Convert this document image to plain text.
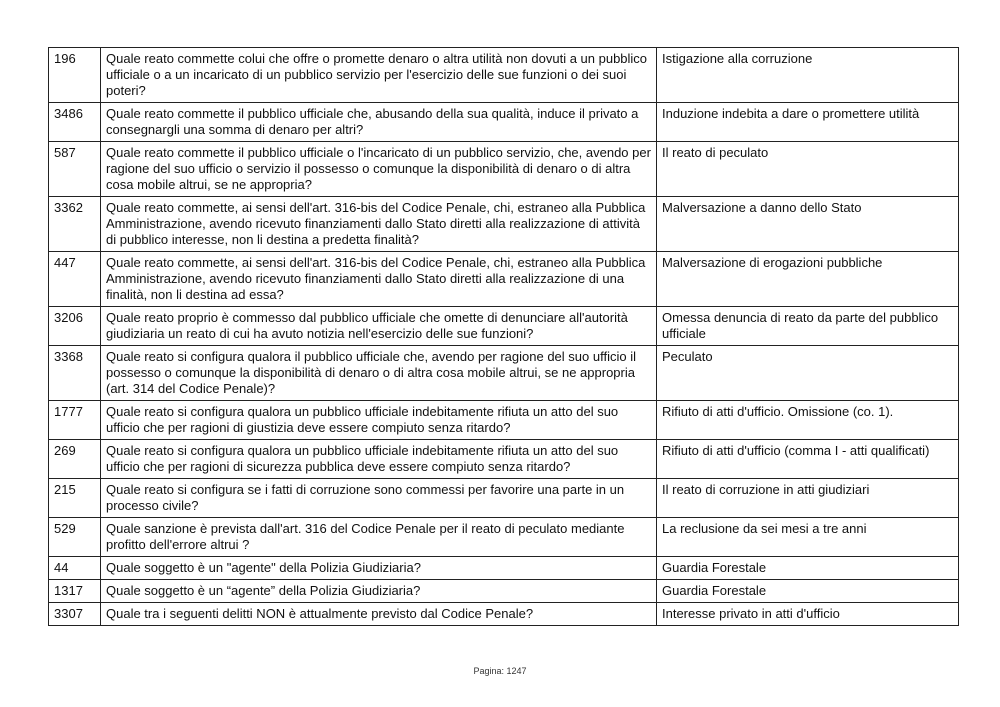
196	Quale reato commette colui che offre o promette denaro o altra utilità non dovuti a un pubblico ufficiale o a un incaricato di un pubblico servizio per l'esercizio delle sue funzioni o dei suoi poteri?	Istigazione alla corruzione
3486	Quale reato commette il pubblico ufficiale che, abusando della sua qualità, induce il privato a consegnargli una somma di denaro per altri?	Induzione indebita a dare o promettere utilità
587	Quale reato commette il pubblico ufficiale o l'incaricato di un pubblico servizio, che, avendo per ragione del suo ufficio o servizio il possesso o comunque la disponibilità di denaro o di altra cosa mobile altrui, se ne appropria?	Il reato di peculato
3362	Quale reato commette, ai sensi dell'art. 316-bis del Codice Penale, chi, estraneo alla Pubblica Amministrazione, avendo ricevuto finanziamenti dallo Stato diretti alla realizzazione di attività di pubblico interesse, non li destina a predetta finalità?	Malversazione a danno dello Stato
447	Quale reato commette, ai sensi dell'art. 316-bis del Codice Penale, chi, estraneo alla Pubblica Amministrazione, avendo ricevuto finanziamenti dallo Stato diretti alla realizzazione di una finalità, non li destina ad essa?	Malversazione di erogazioni pubbliche
3206	Quale reato proprio è commesso dal pubblico ufficiale che omette di denunciare all'autorità giudiziaria un reato di cui ha avuto notizia nell'esercizio delle sue funzioni?	Omessa denuncia di reato da parte del pubblico ufficiale
3368	Quale reato si configura qualora il pubblico ufficiale che, avendo per ragione del suo ufficio il possesso o comunque la disponibilità di denaro o di altra cosa mobile altrui, se ne appropria (art. 314 del Codice Penale)?	Peculato
1777	Quale reato si configura qualora un pubblico ufficiale indebitamente rifiuta un atto del suo ufficio che per ragioni di giustizia deve essere compiuto senza ritardo?	Rifiuto di atti d'ufficio. Omissione (co. 1).
269	Quale reato si configura qualora un pubblico ufficiale indebitamente rifiuta un atto del suo ufficio che per ragioni di sicurezza pubblica deve essere compiuto senza ritardo?	Rifiuto di atti d'ufficio (comma I - atti qualificati)
215	Quale reato si configura se i fatti di corruzione sono commessi per favorire una parte in un processo civile?	Il reato di corruzione in atti giudiziari
529	Quale sanzione è prevista dall'art. 316 del Codice Penale per il reato di peculato mediante profitto dell'errore altrui ?	La reclusione da sei mesi a tre anni
44	Quale soggetto è un "agente" della Polizia Giudiziaria?	Guardia Forestale
1317	Quale soggetto è un “agente” della Polizia Giudiziaria?	Guardia Forestale
3307	Quale tra i seguenti delitti NON è attualmente previsto dal Codice Penale?	Interesse privato in atti d'ufficio
Pagina: 1247
